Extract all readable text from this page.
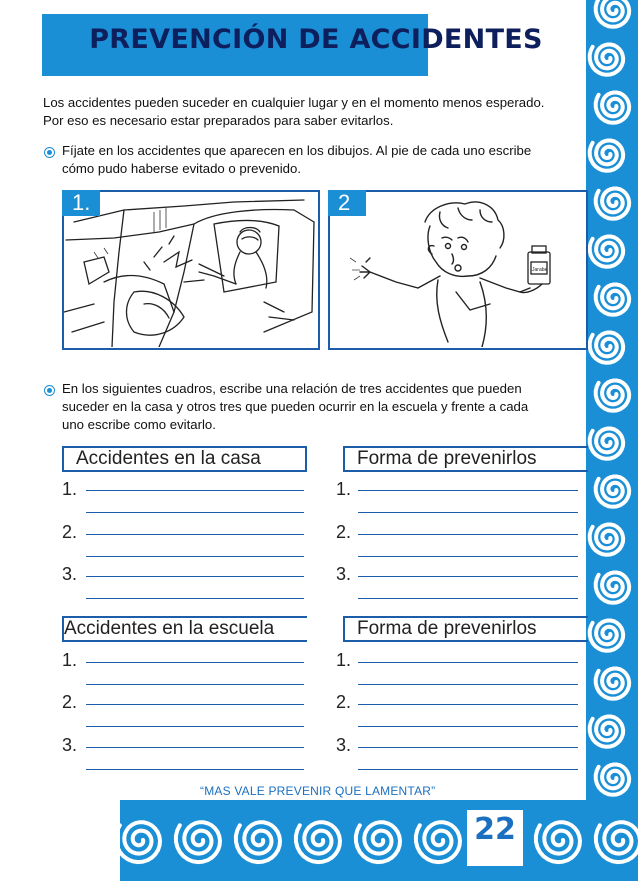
PREVENCIÓN DE ACCIDENTES
Los accidentes pueden suceder en cualquier lugar y en el momento menos esperado.
Por eso es necesario estar preparados para saber evitarlos.
Fíjate en los accidentes que aparecen en los dibujos. Al pie de cada uno escribe
cómo pudo haberse evitado o prevenido.
1.
Jarabe
2
En los siguientes cuadros, escribe una relación de tres accidentes que pueden
suceder en la casa y otros tres que pueden ocurrir en la escuela y frente a cada
uno escribe como evitarlo.
Accidentes en la casa	Forma de prevenirlos
1.
2.
3.
1.
2.
3.
Accidentes en la escuela	Forma de prevenirlos
1.
2.
3.
1.
2.
3.
“MAS VALE PREVENIR QUE LAMENTAR”
22
